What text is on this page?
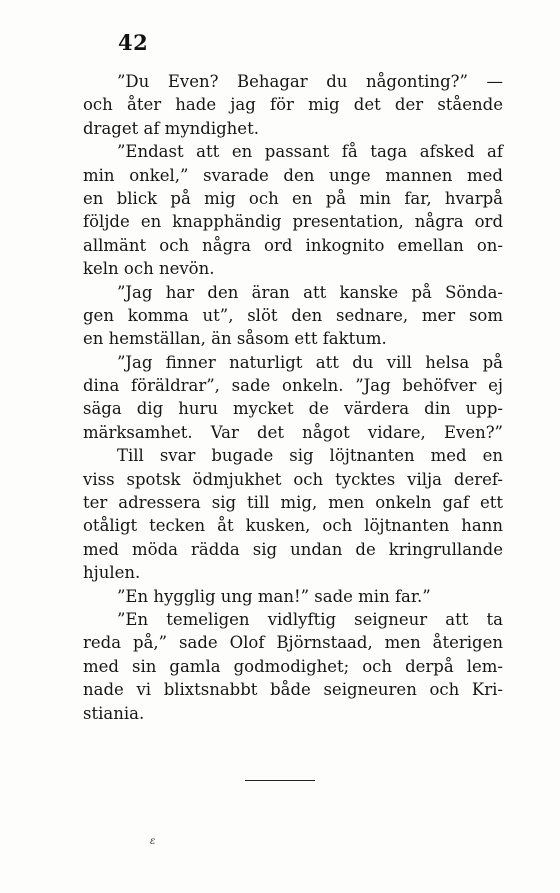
42
”Du Even? Behagar du någonting?” —
och åter hade jag för mig det der stående
draget af myndighet.
”Endast att en passant få taga afsked af
min onkel,” svarade den unge mannen med
en blick på mig och en på min far, hvarpå
följde en knapphändig presentation, några ord
allmänt och några ord inkognito emellan on-
keln och nevön.
”Jag har den äran att kanske på Sönda-
gen komma ut”, slöt den sednare, mer som
en hemställan, än såsom ett faktum.
”Jag finner naturligt att du vill helsa på
dina föräldrar”, sade onkeln. ”Jag behöfver ej
säga dig huru mycket de värdera din upp-
märksamhet. Var det något vidare, Even?”
Till svar bugade sig löjtnanten med en
viss spotsk ödmjukhet och tycktes vilja deref-
ter adressera sig till mig, men onkeln gaf ett
otåligt tecken åt kusken, och löjtnanten hann
med möda rädda sig undan de kringrullande
hjulen.
”En hygglig ung man!” sade min far.”
”En temeligen vidlyftig seigneur att ta
reda på,” sade Olof Björnstaad, men återigen
med sin gamla godmodighet; och derpå lem-
nade vi blixtsnabbt både seigneuren och Kri-
stiania.
ɛ
